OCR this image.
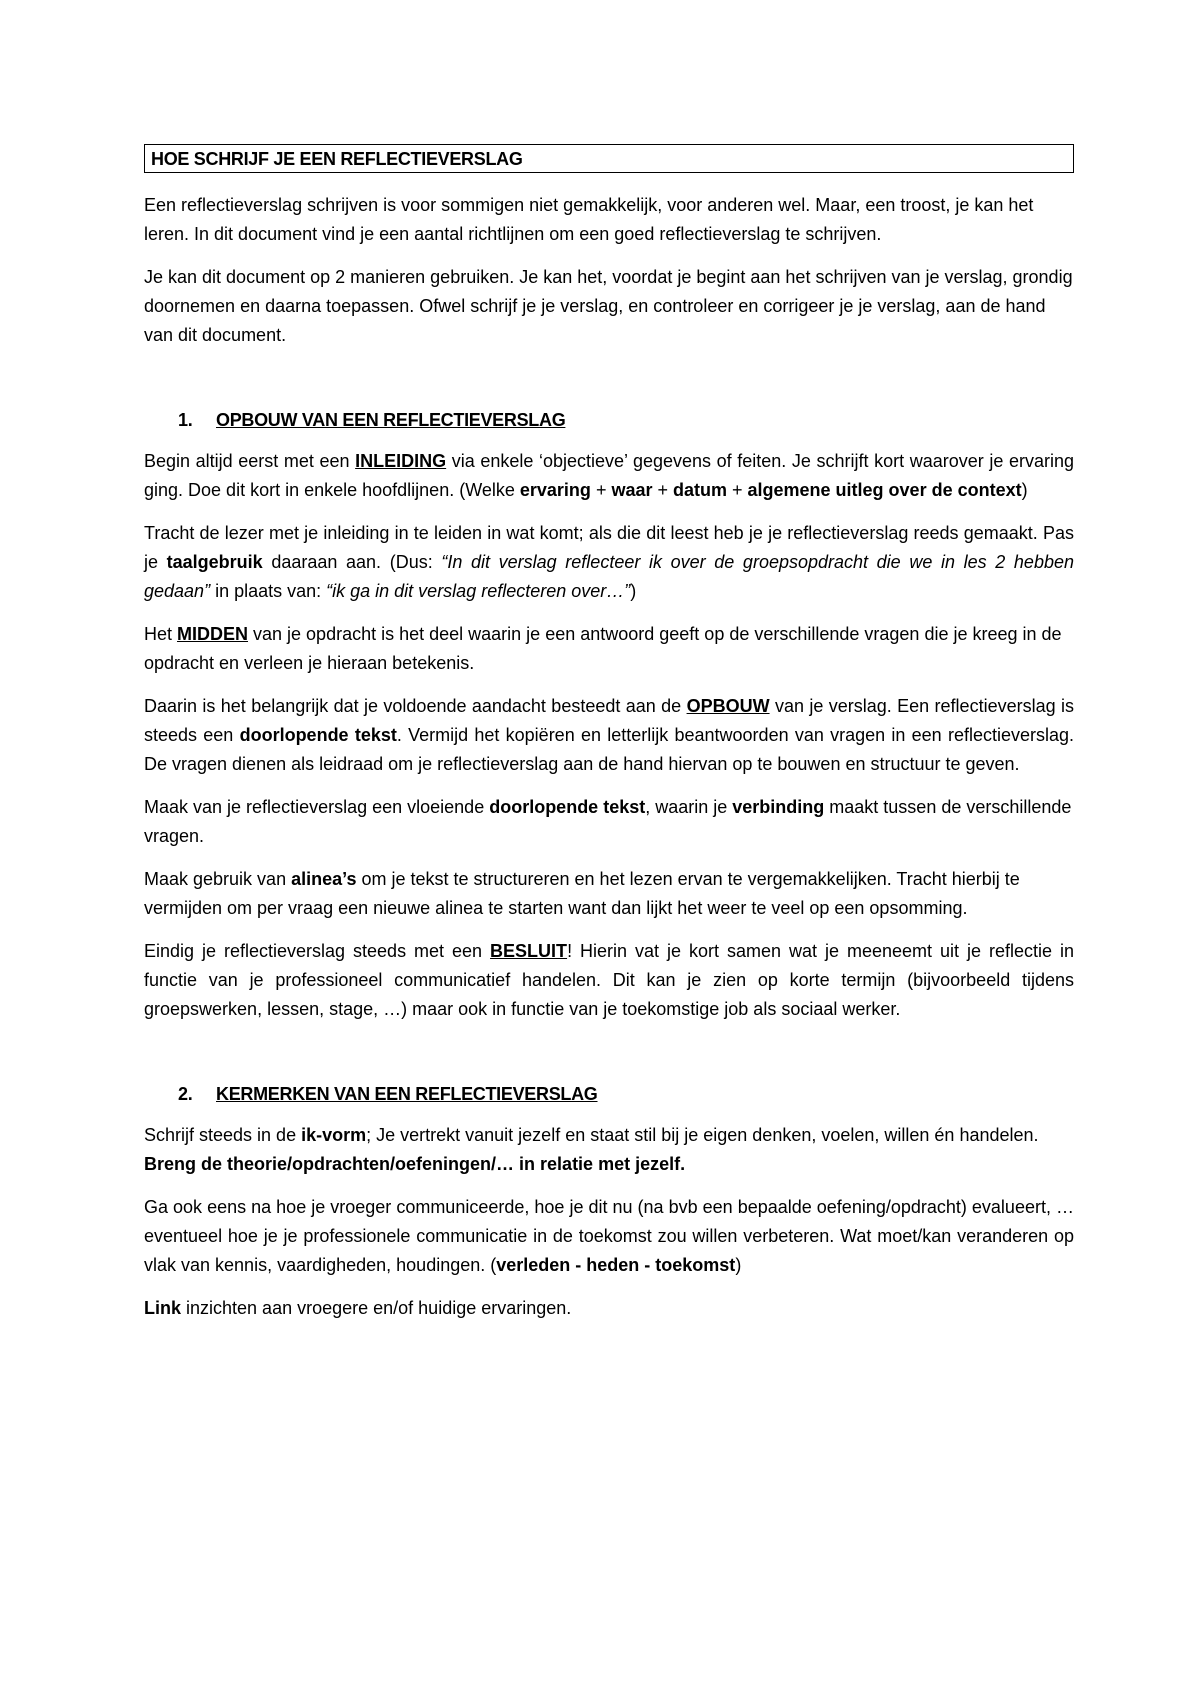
HOE SCHRIJF JE EEN REFLECTIEVERSLAG

Een reflectieverslag schrijven is voor sommigen niet gemakkelijk, voor anderen wel. Maar, een troost, je kan het leren. In dit document vind je een aantal richtlijnen om een goed reflectieverslag te schrijven.

Je kan dit document op 2 manieren gebruiken. Je kan het, voordat je begint aan het schrijven van je verslag, grondig doornemen en daarna toepassen. Ofwel schrijf je je verslag, en controleer en corrigeer je je verslag, aan de hand van dit document.

1. OPBOUW VAN EEN REFLECTIEVERSLAG

Begin altijd eerst met een INLEIDING via enkele ‘objectieve’ gegevens of feiten. Je schrijft kort waarover je ervaring ging. Doe dit kort in enkele hoofdlijnen. (Welke ervaring + waar + datum + algemene uitleg over de context)

Tracht de lezer met je inleiding in te leiden in wat komt; als die dit leest heb je je reflectieverslag reeds gemaakt. Pas je taalgebruik daaraan aan. (Dus: “In dit verslag reflecteer ik over de groepsopdracht die we in les 2 hebben gedaan” in plaats van: “ik ga in dit verslag reflecteren over…”)

Het MIDDEN van je opdracht is het deel waarin je een antwoord geeft op de verschillende vragen die je kreeg in de opdracht en verleen je hieraan betekenis.

Daarin is het belangrijk dat je voldoende aandacht besteedt aan de OPBOUW van je verslag. Een reflectieverslag is steeds een doorlopende tekst. Vermijd het kopiëren en letterlijk beantwoorden van vragen in een reflectieverslag. De vragen dienen als leidraad om je reflectieverslag aan de hand hiervan op te bouwen en structuur te geven.

Maak van je reflectieverslag een vloeiende doorlopende tekst, waarin je verbinding maakt tussen de verschillende vragen.

Maak gebruik van alinea’s om je tekst te structureren en het lezen ervan te vergemakkelijken. Tracht hierbij te vermijden om per vraag een nieuwe alinea te starten want dan lijkt het weer te veel op een opsomming.

Eindig je reflectieverslag steeds met een BESLUIT! Hierin vat je kort samen wat je meeneemt uit je reflectie in functie van je professioneel communicatief handelen. Dit kan je zien op korte termijn (bijvoorbeeld tijdens groepswerken, lessen, stage, …) maar ook in functie van je toekomstige job als sociaal werker.

2. KERMERKEN VAN EEN REFLECTIEVERSLAG

Schrijf steeds in de ik-vorm; Je vertrekt vanuit jezelf en staat stil bij je eigen denken, voelen, willen én handelen. Breng de theorie/opdrachten/oefeningen/… in relatie met jezelf.

Ga ook eens na hoe je vroeger communiceerde, hoe je dit nu (na bvb een bepaalde oefening/opdracht) evalueert, … eventueel hoe je je professionele communicatie in de toekomst zou willen verbeteren. Wat moet/kan veranderen op vlak van kennis, vaardigheden, houdingen. (verleden - heden - toekomst)

Link inzichten aan vroegere en/of huidige ervaringen.
